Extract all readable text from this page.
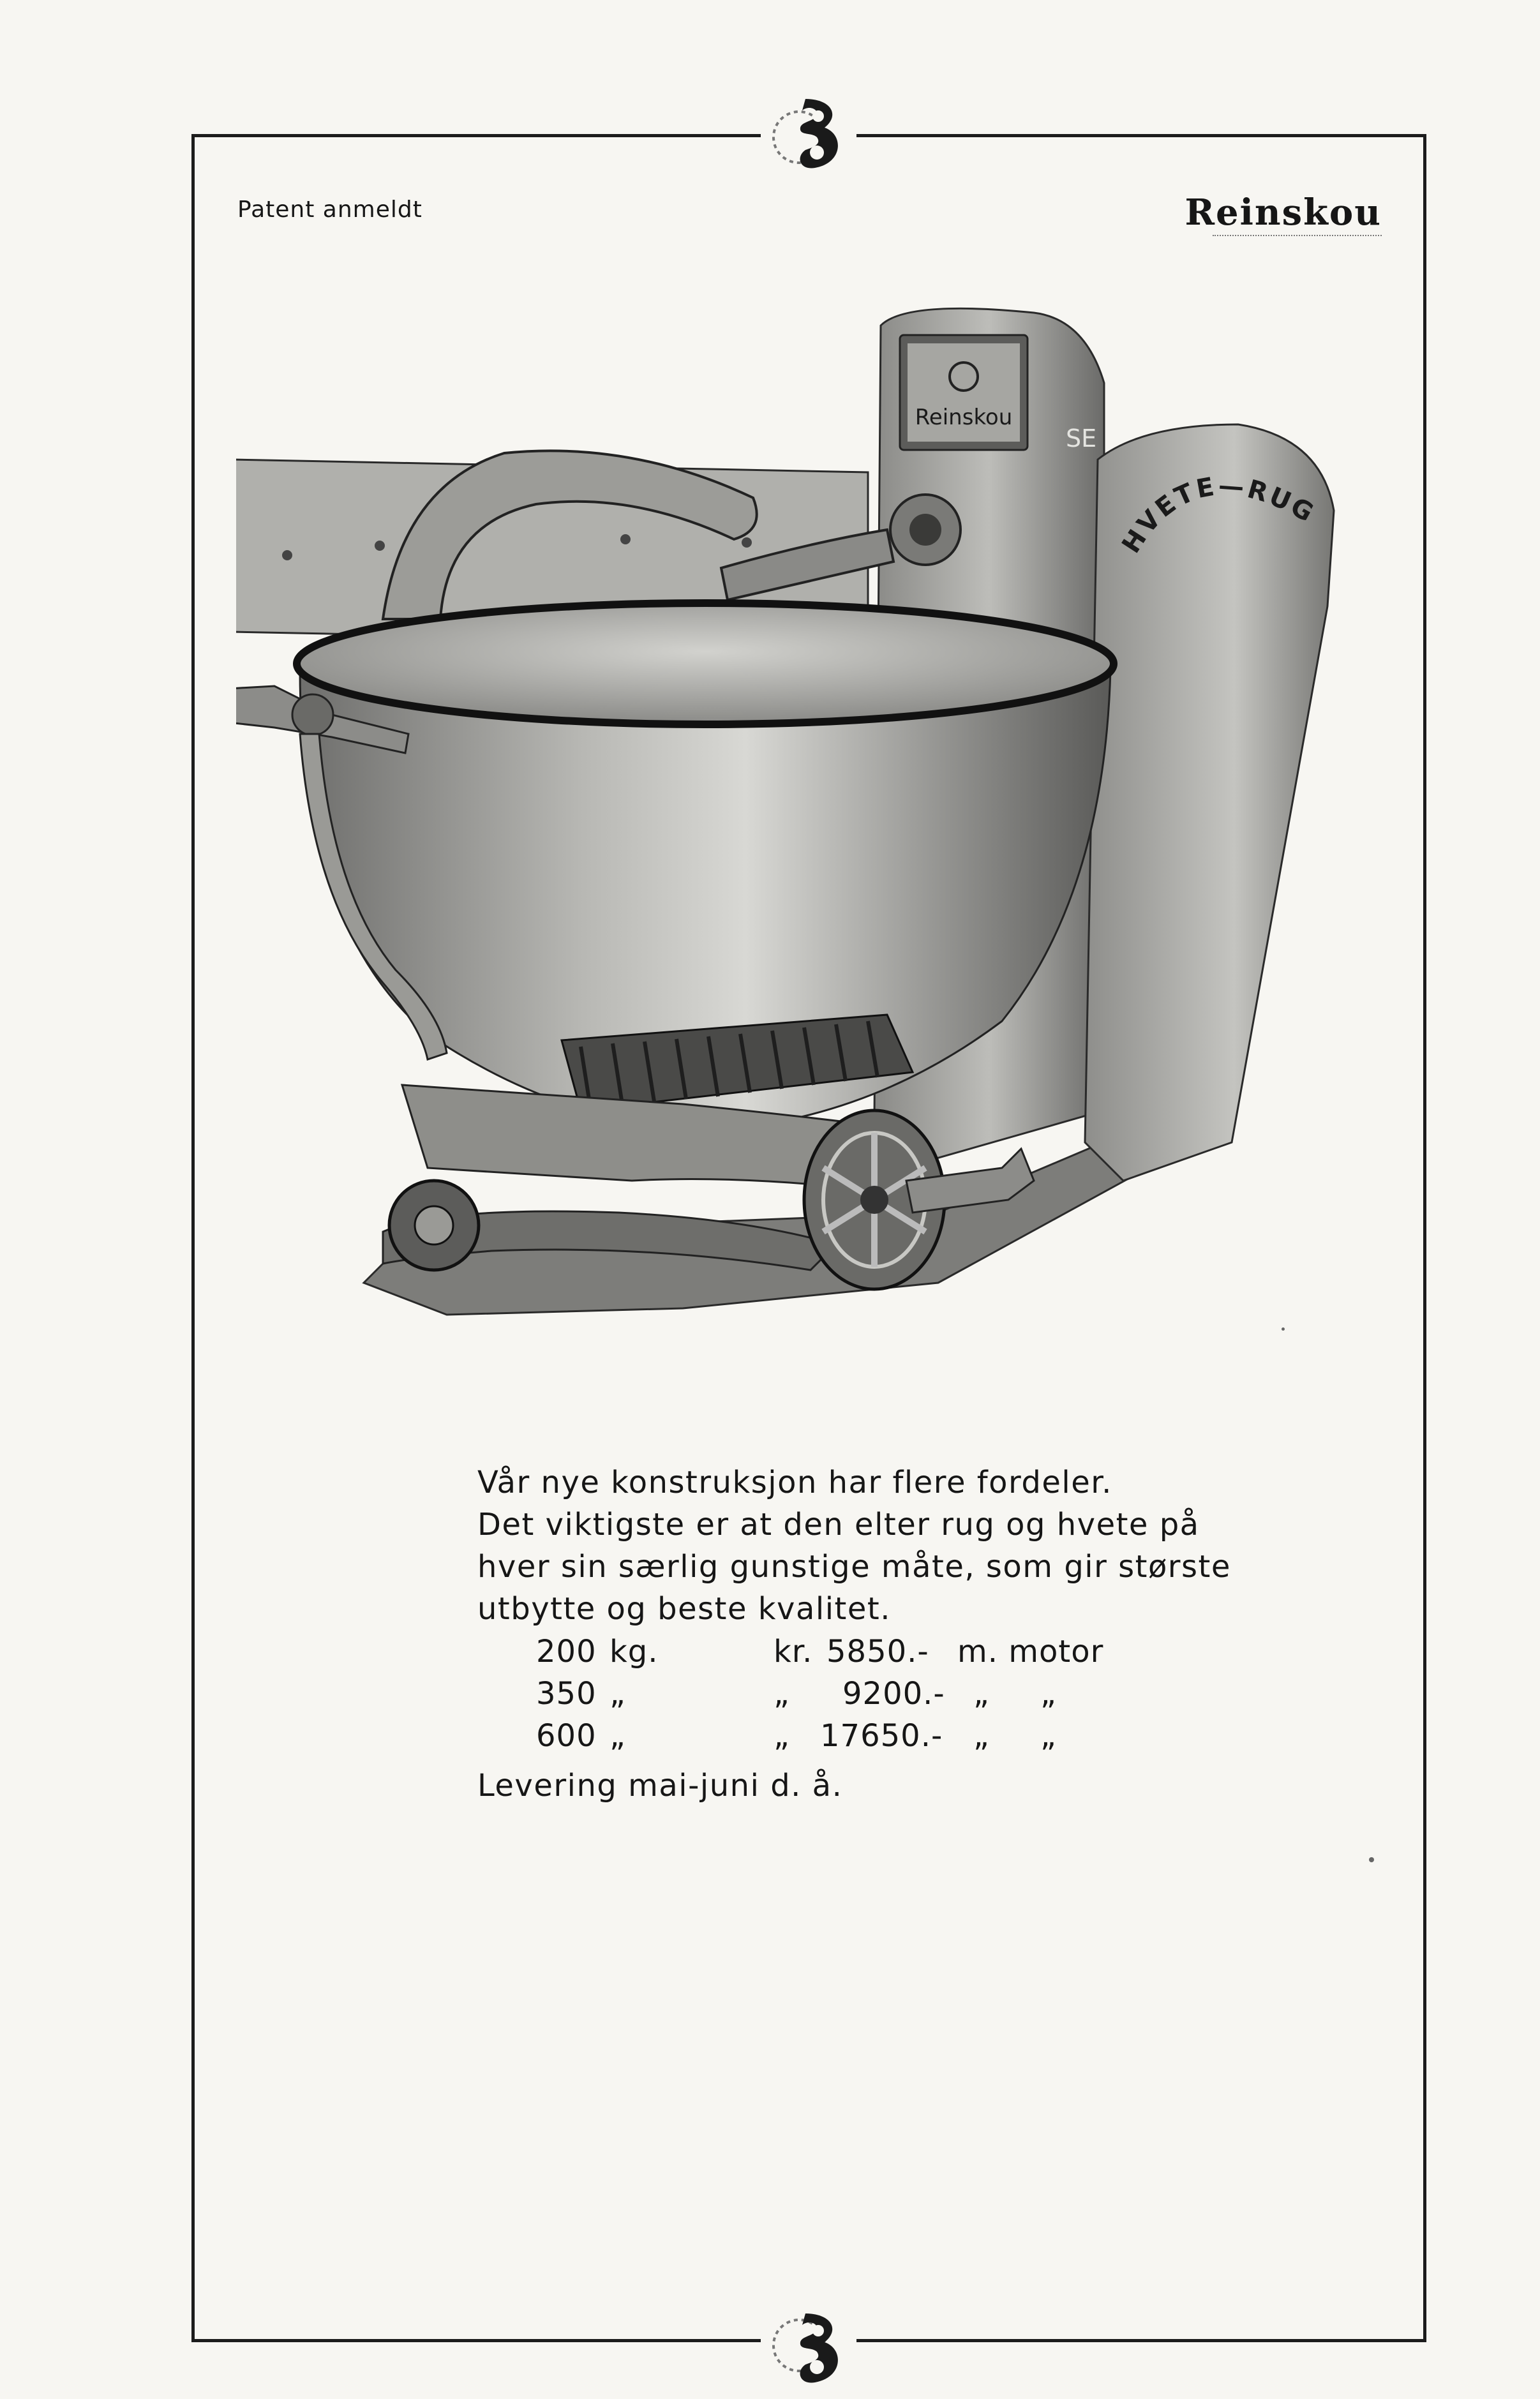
Patent anmeldt	Reinskou
Reinskou
SE
HVETE—RUG
Vår nye konstruksjon har flere fordeler.
Det viktigste er at den elter rug og hvete på
hver sin særlig gunstige måte, som gir største
utbytte og beste kvalitet.
200 kg.	kr. 5850.- m. motor
350 „	„ 9200.- „ „
600 „	„ 17650.- „ „
Levering mai-juni d. å.
